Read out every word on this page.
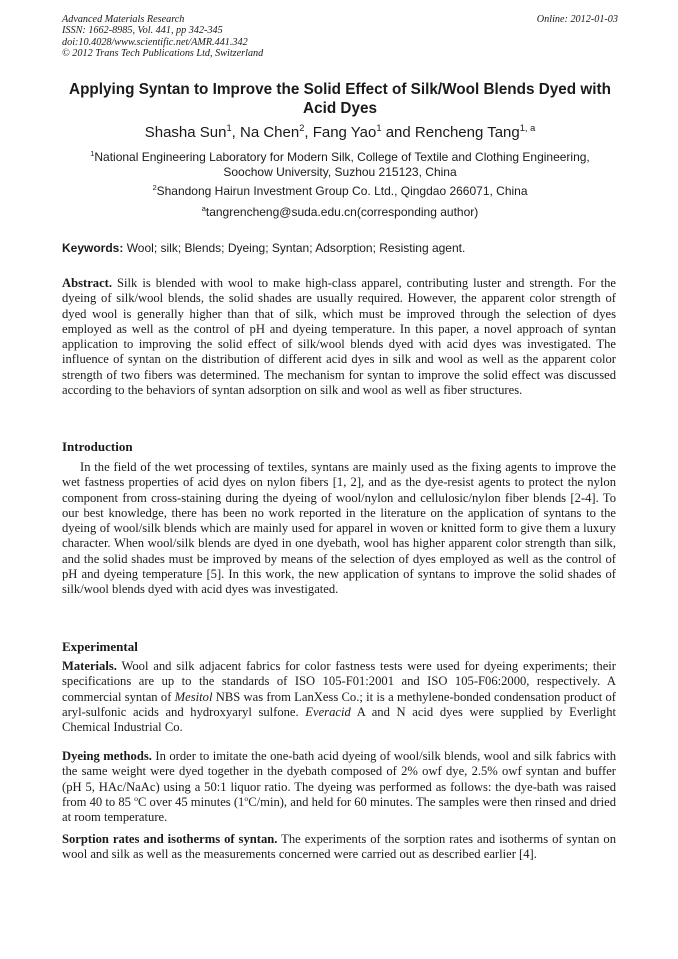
Advanced Materials Research
ISSN: 1662-8985, Vol. 441, pp 342-345
doi:10.4028/www.scientific.net/AMR.441.342
© 2012 Trans Tech Publications Ltd, Switzerland
Online: 2012-01-03
Applying Syntan to Improve the Solid Effect of Silk/Wool Blends Dyed with Acid Dyes
Shasha Sun$^1$, Na Chen$^2$, Fang Yao$^1$ and Rencheng Tang$^{1, a}$
$^1$National Engineering Laboratory for Modern Silk, College of Textile and Clothing Engineering, Soochow University, Suzhou 215123, China
$^2$Shandong Hairun Investment Group Co. Ltd., Qingdao 266071, China
$^a$tangrencheng@suda.edu.cn(corresponding author)
Keywords: Wool; silk; Blends; Dyeing; Syntan; Adsorption; Resisting agent.
Abstract. Silk is blended with wool to make high-class apparel, contributing luster and strength. For the dyeing of silk/wool blends, the solid shades are usually required. However, the apparent color strength of dyed wool is generally higher than that of silk, which must be improved through the selection of dyes employed as well as the control of pH and dyeing temperature. In this paper, a novel approach of syntan application to improving the solid effect of silk/wool blends dyed with acid dyes was investigated. The influence of syntan on the distribution of different acid dyes in silk and wool as well as the apparent color strength of two fibers was determined. The mechanism for syntan to improve the solid effect was discussed according to the behaviors of syntan adsorption on silk and wool as well as fiber structures.
Introduction
In the field of the wet processing of textiles, syntans are mainly used as the fixing agents to improve the wet fastness properties of acid dyes on nylon fibers [1, 2], and as the dye-resist agents to protect the nylon component from cross-staining during the dyeing of wool/nylon and cellulosic/nylon fiber blends [2-4]. To our best knowledge, there has been no work reported in the literature on the application of syntans to the dyeing of wool/silk blends which are mainly used for apparel in woven or knitted form to give them a luxury character. When wool/silk blends are dyed in one dyebath, wool has higher apparent color strength than silk, and the solid shades must be improved by means of the selection of dyes employed as well as the control of pH and dyeing temperature [5]. In this work, the new application of syntans to improve the solid shades of silk/wool blends dyed with acid dyes was investigated.
Experimental
Materials. Wool and silk adjacent fabrics for color fastness tests were used for dyeing experiments; their specifications are up to the standards of ISO 105-F01:2001 and ISO 105-F06:2000, respectively. A commercial syntan of Mesitol NBS was from LanXess Co.; it is a methylene-bonded condensation product of aryl-sulfonic acids and hydroxyaryl sulfone. Everacid A and N acid dyes were supplied by Everlight Chemical Industrial Co.
Dyeing methods. In order to imitate the one-bath acid dyeing of wool/silk blends, wool and silk fabrics with the same weight were dyed together in the dyebath composed of 2% owf dye, 2.5% owf syntan and buffer (pH 5, HAc/NaAc) using a 50:1 liquor ratio. The dyeing was performed as follows: the dye-bath was raised from 40 to 85 $^o$C over 45 minutes (1$^o$C/min), and held for 60 minutes. The samples were then rinsed and dried at room temperature.
Sorption rates and isotherms of syntan. The experiments of the sorption rates and isotherms of syntan on wool and silk as well as the measurements concerned were carried out as described earlier [4].
